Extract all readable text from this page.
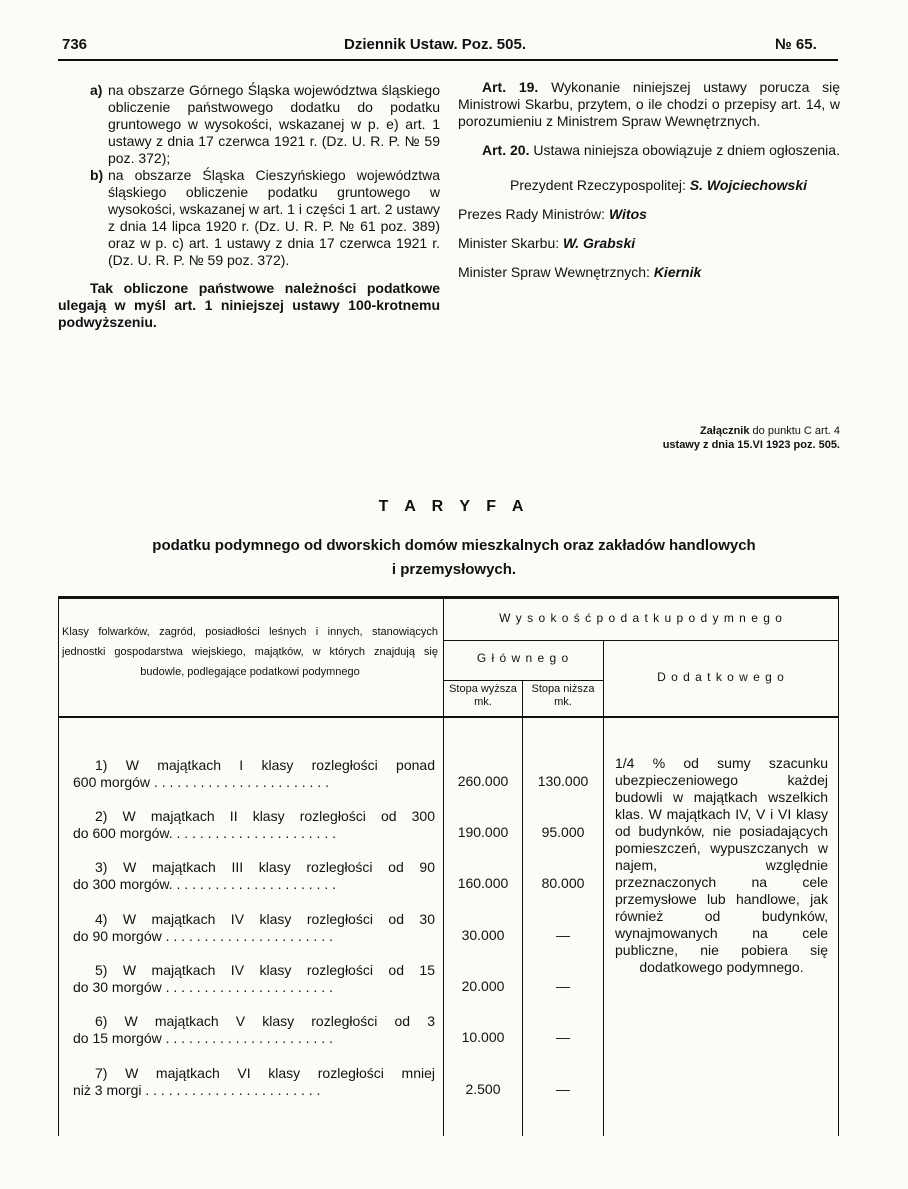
736	Dziennik Ustaw. Poz. 505.	№ 65.
a) na obszarze Górnego Śląska województwa śląskiego obliczenie państwowego dodatku do podatku gruntowego w wysokości, wskazanej w p. e) art. 1 ustawy z dnia 17 czerwca 1921 r. (Dz. U. R. P. № 59 poz. 372);
b) na obszarze Śląska Cieszyńskiego województwa śląskiego obliczenie podatku gruntowego w wysokości, wskazanej w art. 1 i części 1 art. 2 ustawy z dnia 14 lipca 1920 r. (Dz. U. R. P. № 61 poz. 389) oraz w p. c) art. 1 ustawy z dnia 17 czerwca 1921 r. (Dz. U. R. P. № 59 poz. 372).

Tak obliczone państwowe należności podatkowe ulegają w myśl art. 1 niniejszej ustawy 100-krotnemu podwyższeniu.

Art. 19. Wykonanie niniejszej ustawy porucza się Ministrowi Skarbu, przytem, o ile chodzi o przepisy art. 14, w porozumieniu z Ministrem Spraw Wewnętrznych.

Art. 20. Ustawa niniejsza obowiązuje z dniem ogłoszenia.

Prezydent Rzeczypospolitej: S. Wojciechowski

Prezes Rady Ministrów: Witos

Minister Skarbu: W. Grabski

Minister Spraw Wewnętrznych: Kiernik

Załącznik do punktu C art. 4
ustawy z dnia 15.VI 1923 poz. 505.
T A R Y F A
podatku podymnego od dworskich domów mieszkalnych oraz zakładów handlowych
i przemysłowych.
Klasy folwarków, zagród, posiadłości leśnych i innych, stanowiących jednostki gospodarstwa wiejskiego, majątków, w których znajdują się budowle, podlegające podatkowi podymnego
W y s o k o ś ć p o d a t k u p o d y m n e g o
G ł ó w n e g o
Stopa wyższa mk.
Stopa niższa mk.
D o d a t k o w e g o
1) W majątkach I klasy rozległości ponad
600 morgów . . . . . . . . . . . . . . . . . . . . . . .	260.000	130.000
2) W majątkach II klasy rozległości od 300
do 600 morgów. . . . . . . . . . . . . . . . . . . . . .	190.000	95.000
3) W majątkach III klasy rozległości od 90
do 300 morgów. . . . . . . . . . . . . . . . . . . . . .	160.000	80.000
4) W majątkach IV klasy rozległości od 30
do 90 morgów . . . . . . . . . . . . . . . . . . . . . .	30.000	—
5) W majątkach IV klasy rozległości od 15
do 30 morgów . . . . . . . . . . . . . . . . . . . . . .	20.000	—
6) W majątkach V klasy rozległości od 3
do 15 morgów . . . . . . . . . . . . . . . . . . . . . .	10.000	—
7) W majątkach VI klasy rozległości mniej
niż 3 morgi . . . . . . . . . . . . . . . . . . . . . . .	2.500	—
1/4 % od sumy szacunku ubezpieczeniowego każdej budowli w majątkach wszelkich klas. W majątkach IV, V i VI klasy od budynków, nie posiadających pomieszczeń, wypuszczanych w najem, względnie przeznaczonych na cele przemysłowe lub handlowe, jak również od budynków, wynajmowanych na cele publiczne, nie pobiera się dodatkowego podymnego.
